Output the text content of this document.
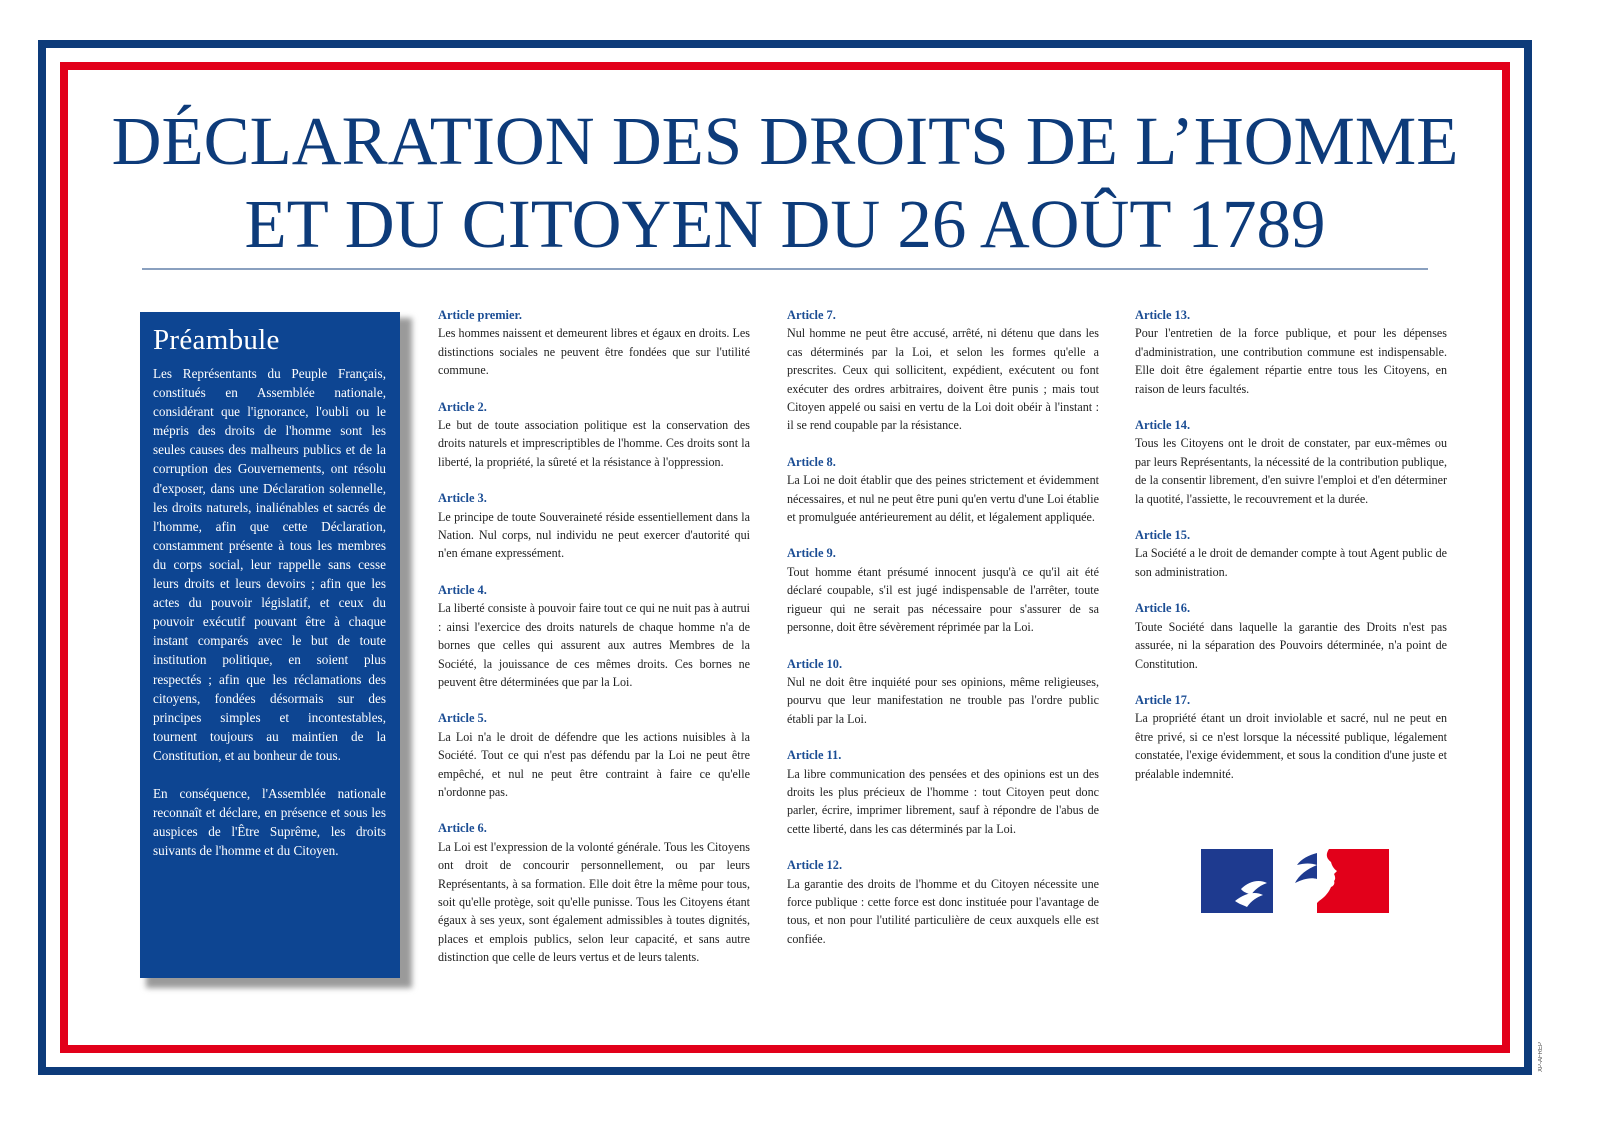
DÉCLARATION DES DROITS DE L’HOMME
ET DU CITOYEN DU 26 AOÛT 1789
Préambule

Les Représentants du Peuple Français, constitués en Assemblée nationale, considérant que l'ignorance, l'oubli ou le mépris des droits de l'homme sont les seules causes des malheurs publics et de la corruption des Gouvernements, ont résolu d'exposer, dans une Déclaration solennelle, les droits naturels, inaliénables et sacrés de l'homme, afin que cette Déclaration, constamment présente à tous les membres du corps social, leur rappelle sans cesse leurs droits et leurs devoirs ; afin que les actes du pouvoir législatif, et ceux du pouvoir exécutif pouvant être à chaque instant comparés avec le but de toute institution politique, en soient plus respectés ; afin que les réclamations des citoyens, fondées désormais sur des principes simples et incontestables, tournent toujours au maintien de la Constitution, et au bonheur de tous.

En conséquence, l'Assemblée nationale reconnaît et déclare, en présence et sous les auspices de l'Être Suprême, les droits suivants de l'homme et du Citoyen.

Article premier.

Les hommes naissent et demeurent libres et égaux en droits. Les distinctions sociales ne peuvent être fondées que sur l'utilité commune.

Article 2.

Le but de toute association politique est la conservation des droits naturels et imprescriptibles de l'homme. Ces droits sont la liberté, la propriété, la sûreté et la résistance à l'oppression.

Article 3.

Le principe de toute Souveraineté réside essentiellement dans la Nation. Nul corps, nul individu ne peut exercer d'autorité qui n'en émane expressément.

Article 4.

La liberté consiste à pouvoir faire tout ce qui ne nuit pas à autrui : ainsi l'exercice des droits naturels de chaque homme n'a de bornes que celles qui assurent aux autres Membres de la Société, la jouissance de ces mêmes droits. Ces bornes ne peuvent être déterminées que par la Loi.

Article 5.

La Loi n'a le droit de défendre que les actions nuisibles à la Société. Tout ce qui n'est pas défendu par la Loi ne peut être empêché, et nul ne peut être contraint à faire ce qu'elle n'ordonne pas.

Article 6.

La Loi est l'expression de la volonté générale. Tous les Citoyens ont droit de concourir personnellement, ou par leurs Représentants, à sa formation. Elle doit être la même pour tous, soit qu'elle protège, soit qu'elle punisse. Tous les Citoyens étant égaux à ses yeux, sont également admissibles à toutes dignités, places et emplois publics, selon leur capacité, et sans autre distinction que celle de leurs vertus et de leurs talents.

Article 7.

Nul homme ne peut être accusé, arrêté, ni détenu que dans les cas déterminés par la Loi, et selon les formes qu'elle a prescrites. Ceux qui sollicitent, expédient, exécutent ou font exécuter des ordres arbitraires, doivent être punis ; mais tout Citoyen appelé ou saisi en vertu de la Loi doit obéir à l'instant : il se rend coupable par la résistance.

Article 8.

La Loi ne doit établir que des peines strictement et évidemment nécessaires, et nul ne peut être puni qu'en vertu d'une Loi établie et promulguée antérieurement au délit, et légalement appliquée.

Article 9.

Tout homme étant présumé innocent jusqu'à ce qu'il ait été déclaré coupable, s'il est jugé indispensable de l'arrêter, toute rigueur qui ne serait pas nécessaire pour s'assurer de sa personne, doit être sévèrement réprimée par la Loi.

Article 10.

Nul ne doit être inquiété pour ses opinions, même religieuses, pourvu que leur manifestation ne trouble pas l'ordre public établi par la Loi.

Article 11.

La libre communication des pensées et des opinions est un des droits les plus précieux de l'homme : tout Citoyen peut donc parler, écrire, imprimer librement, sauf à répondre de l'abus de cette liberté, dans les cas déterminés par la Loi.

Article 12.

La garantie des droits de l'homme et du Citoyen nécessite une force publique : cette force est donc instituée pour l'avantage de tous, et non pour l'utilité particulière de ceux auxquels elle est confiée.

Article 13.

Pour l'entretien de la force publique, et pour les dépenses d'administration, une contribution commune est indispensable. Elle doit être également répartie entre tous les Citoyens, en raison de leurs facultés.

Article 14.

Tous les Citoyens ont le droit de constater, par eux-mêmes ou par leurs Représentants, la nécessité de la contribution publique, de la consentir librement, d'en suivre l'emploi et d'en déterminer la quotité, l'assiette, le recouvrement et la durée.

Article 15.

La Société a le droit de demander compte à tout Agent public de son administration.

Article 16.

Toute Société dans laquelle la garantie des Droits n'est pas assurée, ni la séparation des Pouvoirs déterminée, n'a point de Constitution.

Article 17.

La propriété étant un droit inviolable et sacré, nul ne peut en être privé, si ce n'est lorsque la nécessité publique, légalement constatée, l'exige évidemment, et sous la condition d'une juste et préalable indemnité.

XP-AFREP
